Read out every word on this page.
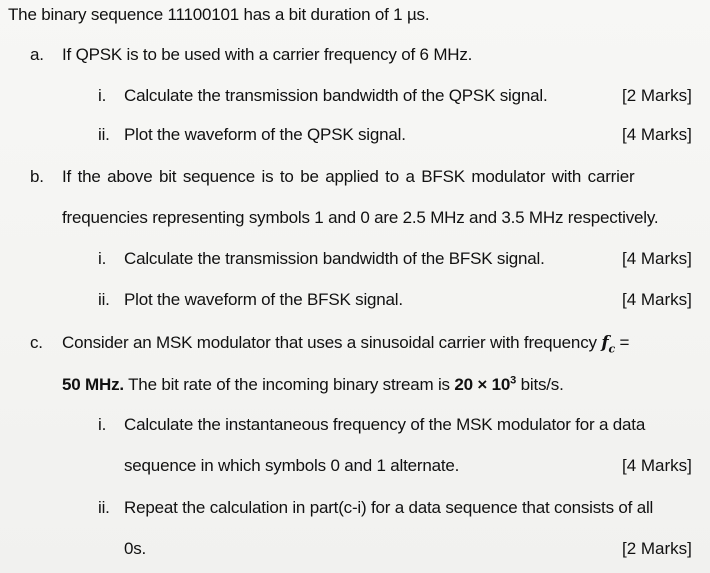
The binary sequence 11100101 has a bit duration of 1 µs.
a. If QPSK is to be used with a carrier frequency of 6 MHz.
i. Calculate the transmission bandwidth of the QPSK signal.	[2 Marks]
ii. Plot the waveform of the QPSK signal.	[4 Marks]
b. If the above bit sequence is to be applied to a BFSK modulator with carrier
frequencies representing symbols 1 and 0 are 2.5 MHz and 3.5 MHz respectively.
i. Calculate the transmission bandwidth of the BFSK signal.	[4 Marks]
ii. Plot the waveform of the BFSK signal.	[4 Marks]
c. Consider an MSK modulator that uses a sinusoidal carrier with frequency $f_c$ =
50 MHz. The bit rate of the incoming binary stream is $20 \times 10^3$ bits/s.
i. Calculate the instantaneous frequency of the MSK modulator for a data
sequence in which symbols 0 and 1 alternate.	[4 Marks]
ii. Repeat the calculation in part(c-i) for a data sequence that consists of all
0s.	[2 Marks]
